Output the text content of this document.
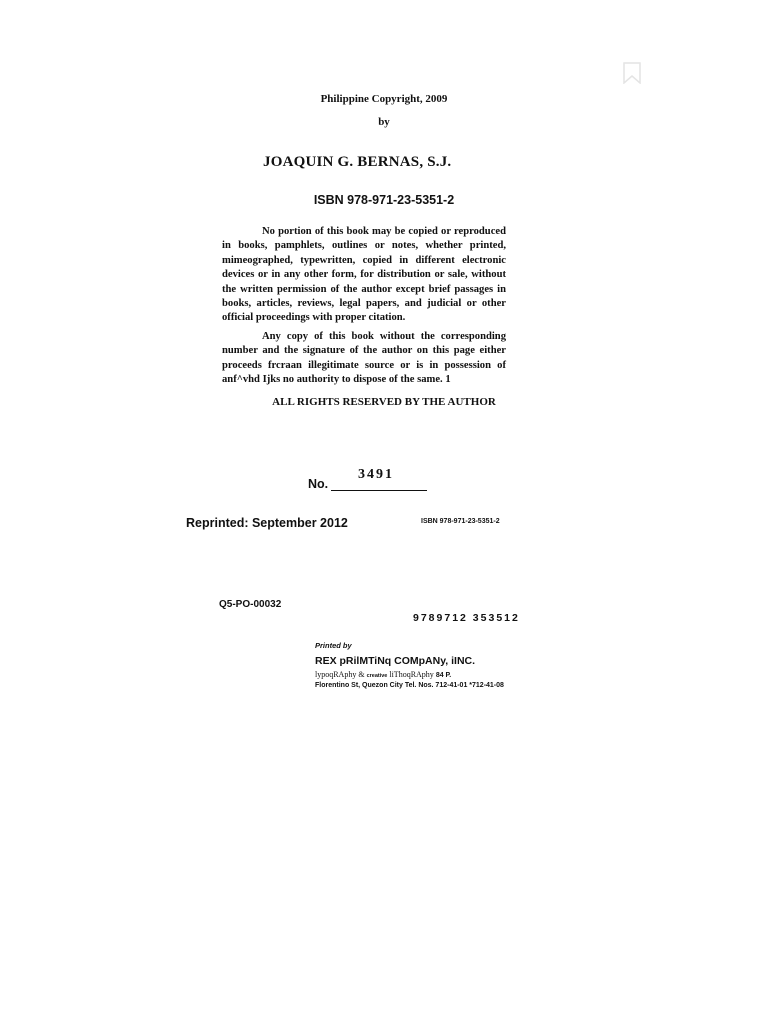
Philippine Copyright, 2009
by
JOAQUIN G. BERNAS, S.J.
ISBN 978-971-23-5351-2

No portion of this book may be copied or reproduced in books, pamphlets, outlines or notes, whether printed, mimeographed, typewritten, copied in different electronic devices or in any other form, for distribution or sale, without the written permission of the author except brief passages in books, articles, reviews, legal papers, and judicial or other official proceedings with proper citation.

Any copy of this book without the corresponding number and the signature of the author on this page either proceeds frcraan illegitimate source or is in possession of anf^vhd Ijks no authority to dispose of the same. 1

ALL RIGHTS RESERVED BY THE AUTHOR
No.
3491
Reprinted: September 2012	ISBN 978-971-23-5351-2
Q5-PO-00032
9789712 353512
Printed by
REX pRilMTiNq COMpANy, iINC.
lypoqRAphy & creative liThoqRAphy 84 P.
Florentino St, Quezon City Tel. Nos. 712-41-01 *712-41-08
